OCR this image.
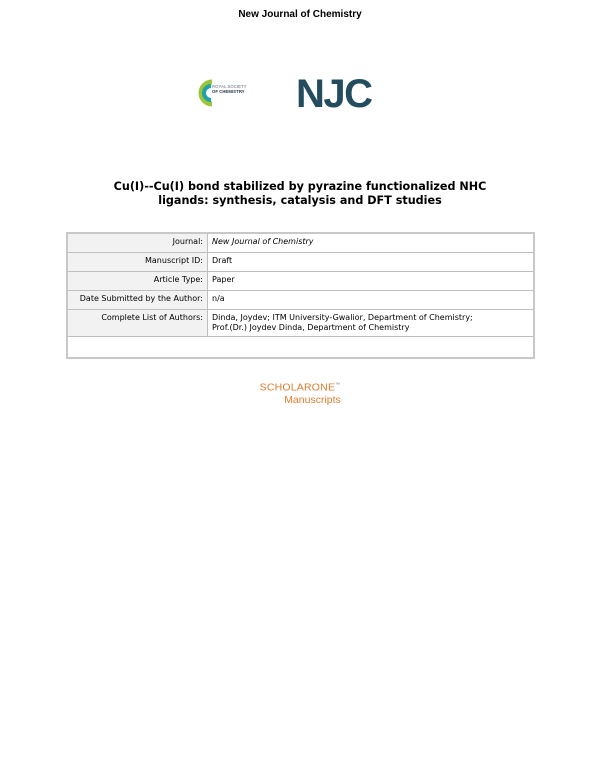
New Journal of Chemistry
ROYAL SOCIETY
OF CHEMISTRY NJC
Cu(I)--Cu(I) bond stabilized by pyrazine functionalized NHC
ligands: synthesis, catalysis and DFT studies
Journal:	New Journal of Chemistry
Manuscript ID:	Draft
Article Type:	Paper
Date Submitted by the Author:	n/a
Complete List of Authors:	Dinda, Joydev; ITM University-Gwalior, Department of Chemistry;
Prof.(Dr.) Joydev Dinda, Department of Chemistry

SCHOLARONE™
Manuscripts
